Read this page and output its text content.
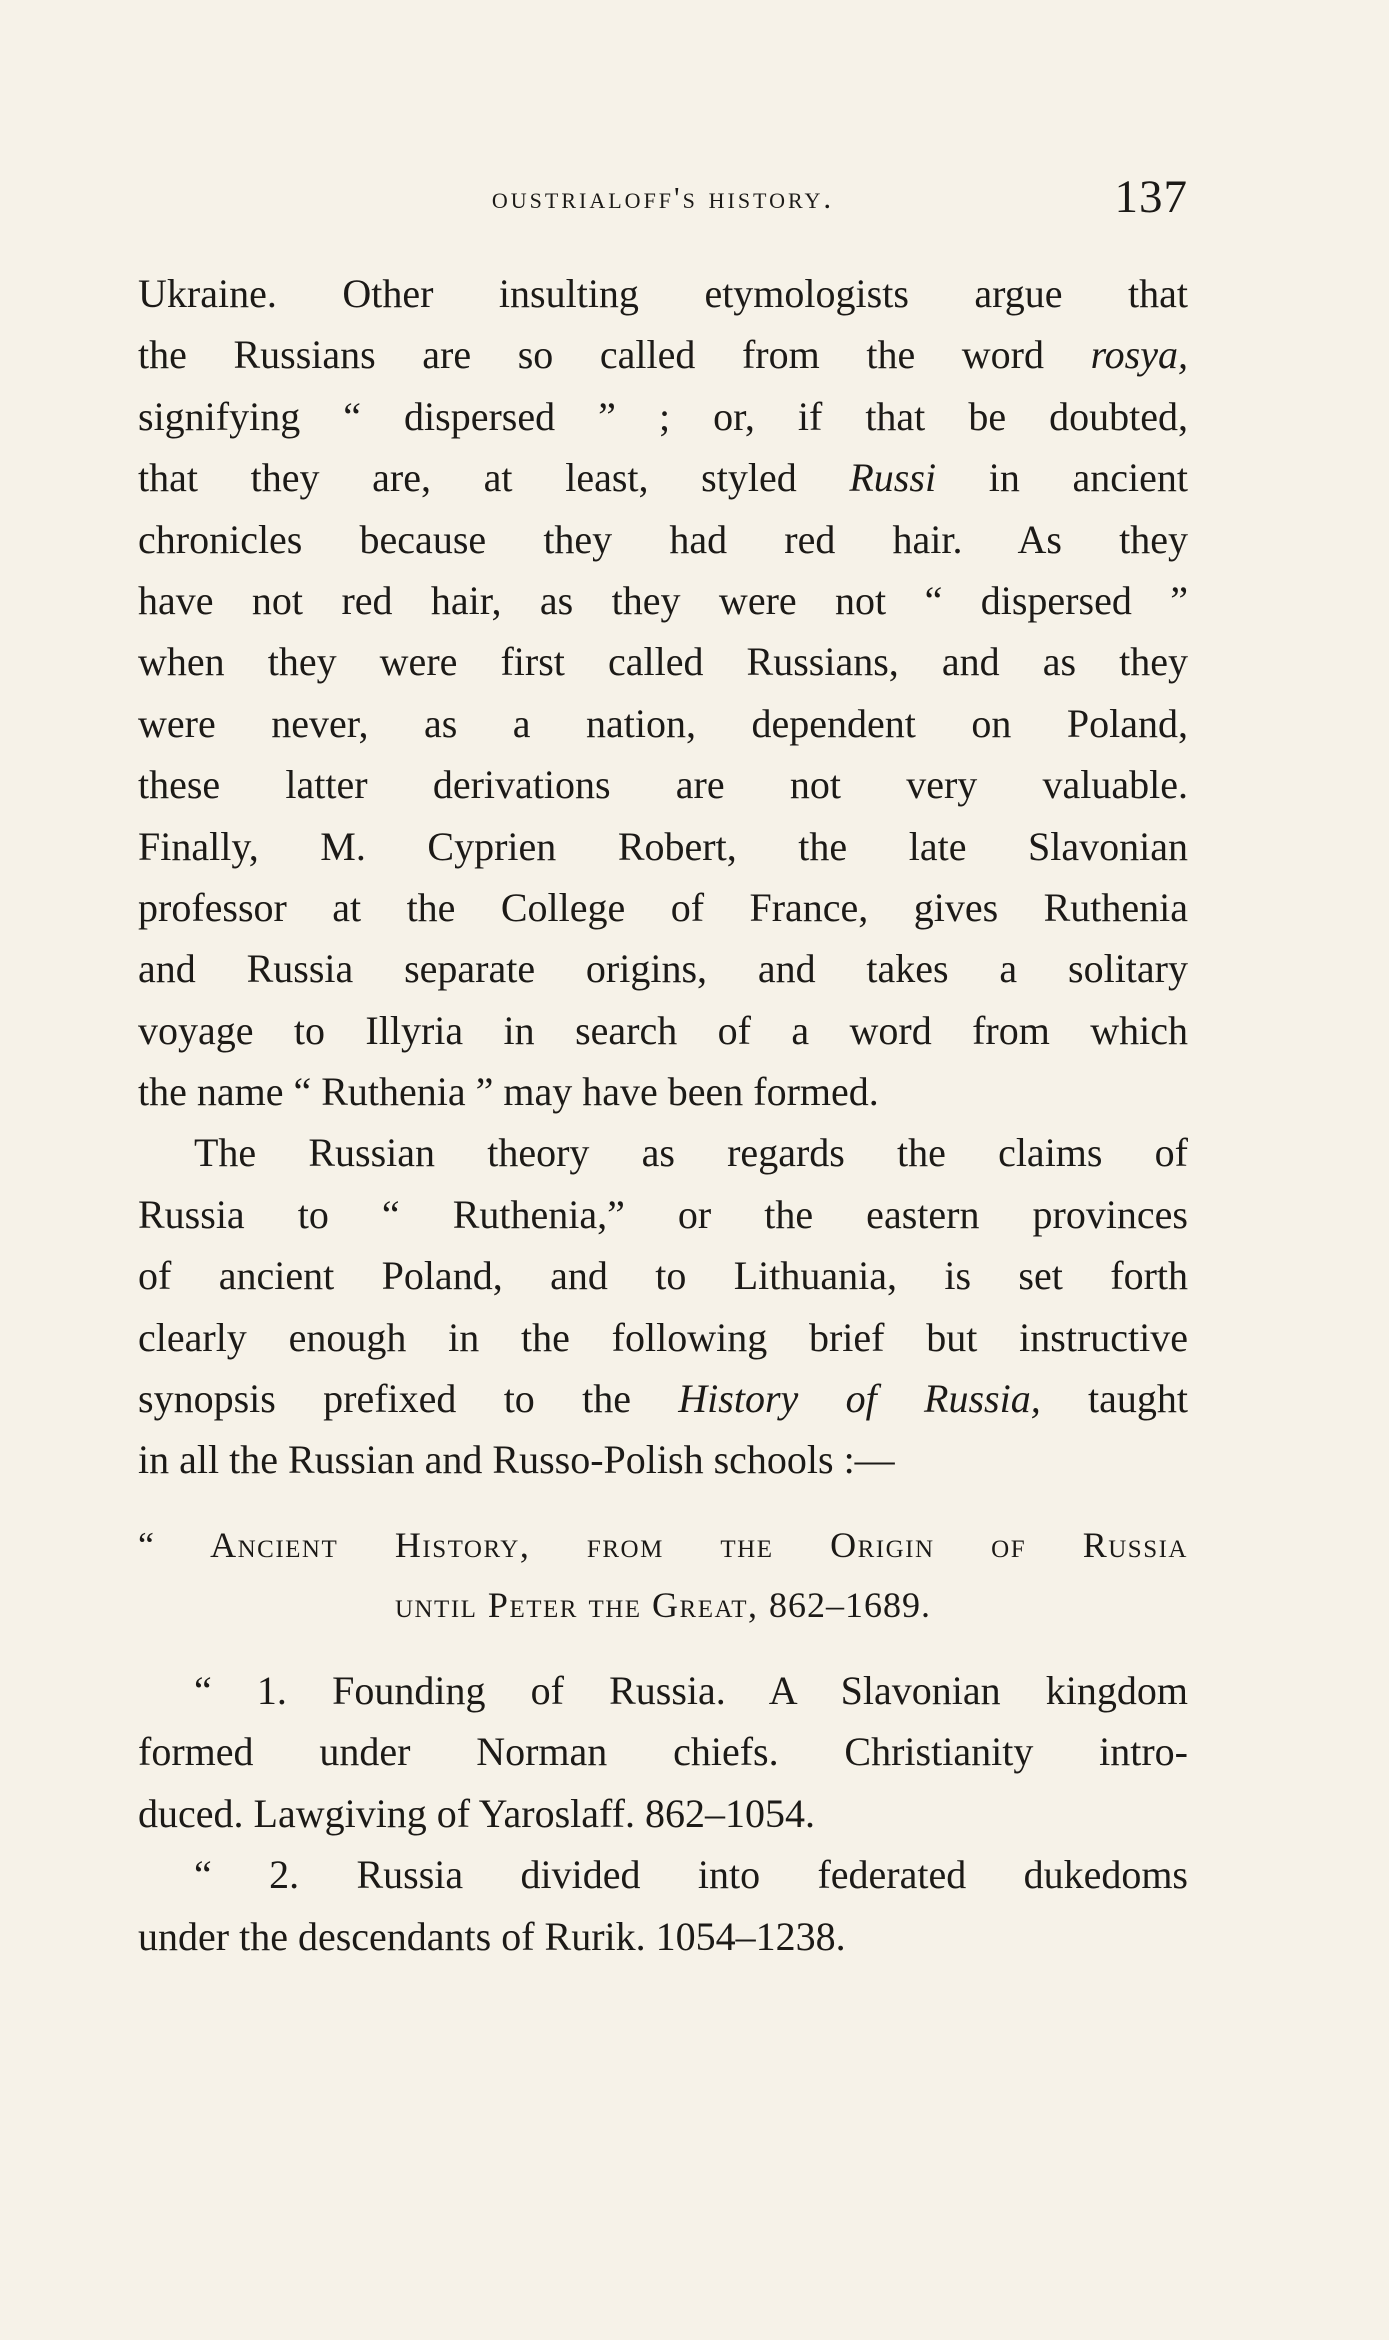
oustrialoff's history.	137
Ukraine. Other insulting etymologists argue that
the Russians are so called from the word rosya,
signifying “ dispersed ” ; or, if that be doubted,
that they are, at least, styled Russi in ancient
chronicles because they had red hair. As they
have not red hair, as they were not “ dispersed ”
when they were first called Russians, and as they
were never, as a nation, dependent on Poland,
these latter derivations are not very valuable.
Finally, M. Cyprien Robert, the late Slavonian
professor at the College of France, gives Ruthenia
and Russia separate origins, and takes a solitary
voyage to Illyria in search of a word from which
the name “ Ruthenia ” may have been formed.
The Russian theory as regards the claims of
Russia to “ Ruthenia,” or the eastern provinces
of ancient Poland, and to Lithuania, is set forth
clearly enough in the following brief but instructive
synopsis prefixed to the History of Russia, taught
in all the Russian and Russo-Polish schools :—
“ Ancient History, from the Origin of Russia
until Peter the Great, 862–1689.
“ 1. Founding of Russia. A Slavonian kingdom
formed under Norman chiefs. Christianity intro-
duced. Lawgiving of Yaroslaff. 862–1054.
“ 2. Russia divided into federated dukedoms
under the descendants of Rurik. 1054–1238.
